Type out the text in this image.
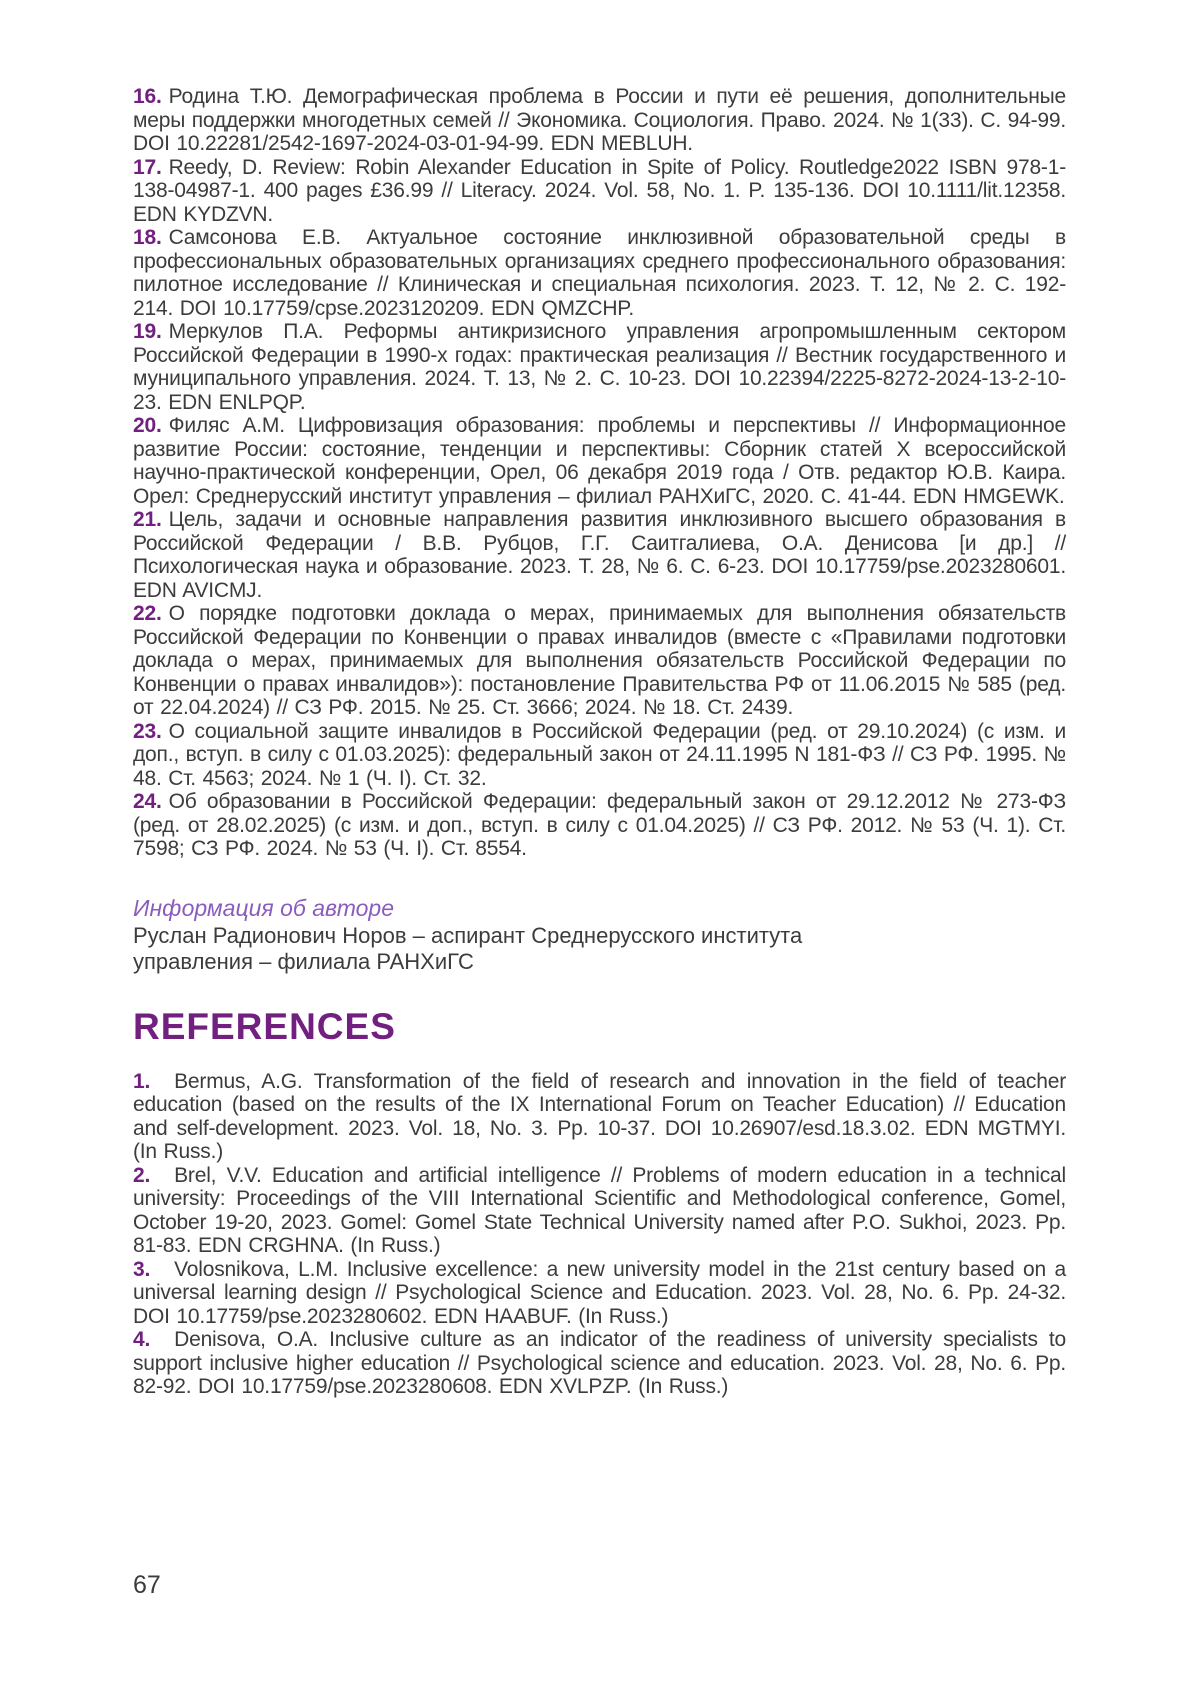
16. Родина Т.Ю. Демографическая проблема в России и пути её решения, дополнительные меры поддержки многодетных семей // Экономика. Социология. Право. 2024. № 1(33). С. 94-99. DOI 10.22281/2542-1697-2024-03-01-94-99. EDN MEBLUH.

17. Reedy, D. Review: Robin Alexander Education in Spite of Policy. Routledge2022 ISBN 978-1-138-04987-1. 400 pages £36.99 // Literacy. 2024. Vol. 58, No. 1. P. 135-136. DOI 10.1111/lit.12358. EDN KYDZVN.

18. Самсонова Е.В. Актуальное состояние инклюзивной образовательной среды в профессиональных образовательных организациях среднего профессионального образования: пилотное исследование // Клиническая и специальная психология. 2023. Т. 12, № 2. С. 192-214. DOI 10.17759/cpse.2023120209. EDN QMZCHP.

19. Меркулов П.А. Реформы антикризисного управления агропромышленным сектором Российской Федерации в 1990-х годах: практическая реализация // Вестник государственного и муниципального управления. 2024. Т. 13, № 2. С. 10-23. DOI 10.22394/2225-8272-2024-13-2-10-23. EDN ENLPQP.

20. Филяс А.М. Цифровизация образования: проблемы и перспективы // Информационное развитие России: состояние, тенденции и перспективы: Сборник статей X всероссийской научно-практической конференции, Орел, 06 декабря 2019 года / Отв. редактор Ю.В. Каира. Орел: Среднерусский институт управления – филиал РАНХиГС, 2020. С. 41-44. EDN HMGEWK.

21. Цель, задачи и основные направления развития инклюзивного высшего образования в Российской Федерации / В.В. Рубцов, Г.Г. Саитгалиева, О.А. Денисова [и др.] // Психологическая наука и образование. 2023. Т. 28, № 6. С. 6-23. DOI 10.17759/pse.2023280601. EDN AVICMJ.

22. О порядке подготовки доклада о мерах, принимаемых для выполнения обязательств Российской Федерации по Конвенции о правах инвалидов (вместе с «Правилами подготовки доклада о мерах, принимаемых для выполнения обязательств Российской Федерации по Конвенции о правах инвалидов»): постановление Правительства РФ от 11.06.2015 № 585 (ред. от 22.04.2024) // СЗ РФ. 2015. № 25. Ст. 3666; 2024. № 18. Ст. 2439.

23. О социальной защите инвалидов в Российской Федерации (ред. от 29.10.2024) (с изм. и доп., вступ. в силу с 01.03.2025): федеральный закон от 24.11.1995 N 181-ФЗ // СЗ РФ. 1995. № 48. Ст. 4563; 2024. № 1 (Ч. I). Ст. 32.

24. Об образовании в Российской Федерации: федеральный закон от 29.12.2012 № 273-ФЗ (ред. от 28.02.2025) (с изм. и доп., вступ. в силу с 01.04.2025) // СЗ РФ. 2012. № 53 (Ч. 1). Ст. 7598; СЗ РФ. 2024. № 53 (Ч. I). Ст. 8554.

Информация об авторе

Руслан Радионович Норов – аспирант Среднерусского института управления – филиала РАНХиГС

REFERENCES

1. Bermus, A.G. Transformation of the field of research and innovation in the field of teacher education (based on the results of the IX International Forum on Teacher Education) // Education and self-development. 2023. Vol. 18, No. 3. Pp. 10-37. DOI 10.26907/esd.18.3.02. EDN MGTMYI. (In Russ.)

2. Brel, V.V. Education and artificial intelligence // Problems of modern education in a technical university: Proceedings of the VIII International Scientific and Methodological conference, Gomel, October 19-20, 2023. Gomel: Gomel State Technical University named after P.O. Sukhoi, 2023. Pp. 81-83. EDN CRGHNA. (In Russ.)

3. Volosnikova, L.M. Inclusive excellence: a new university model in the 21st century based on a universal learning design // Psychological Science and Education. 2023. Vol. 28, No. 6. Pp. 24-32. DOI 10.17759/pse.2023280602. EDN HAABUF. (In Russ.)

4. Denisova, O.A. Inclusive culture as an indicator of the readiness of university specialists to support inclusive higher education // Psychological science and education. 2023. Vol. 28, No. 6. Pp. 82-92. DOI 10.17759/pse.2023280608. EDN XVLPZP. (In Russ.)

67
